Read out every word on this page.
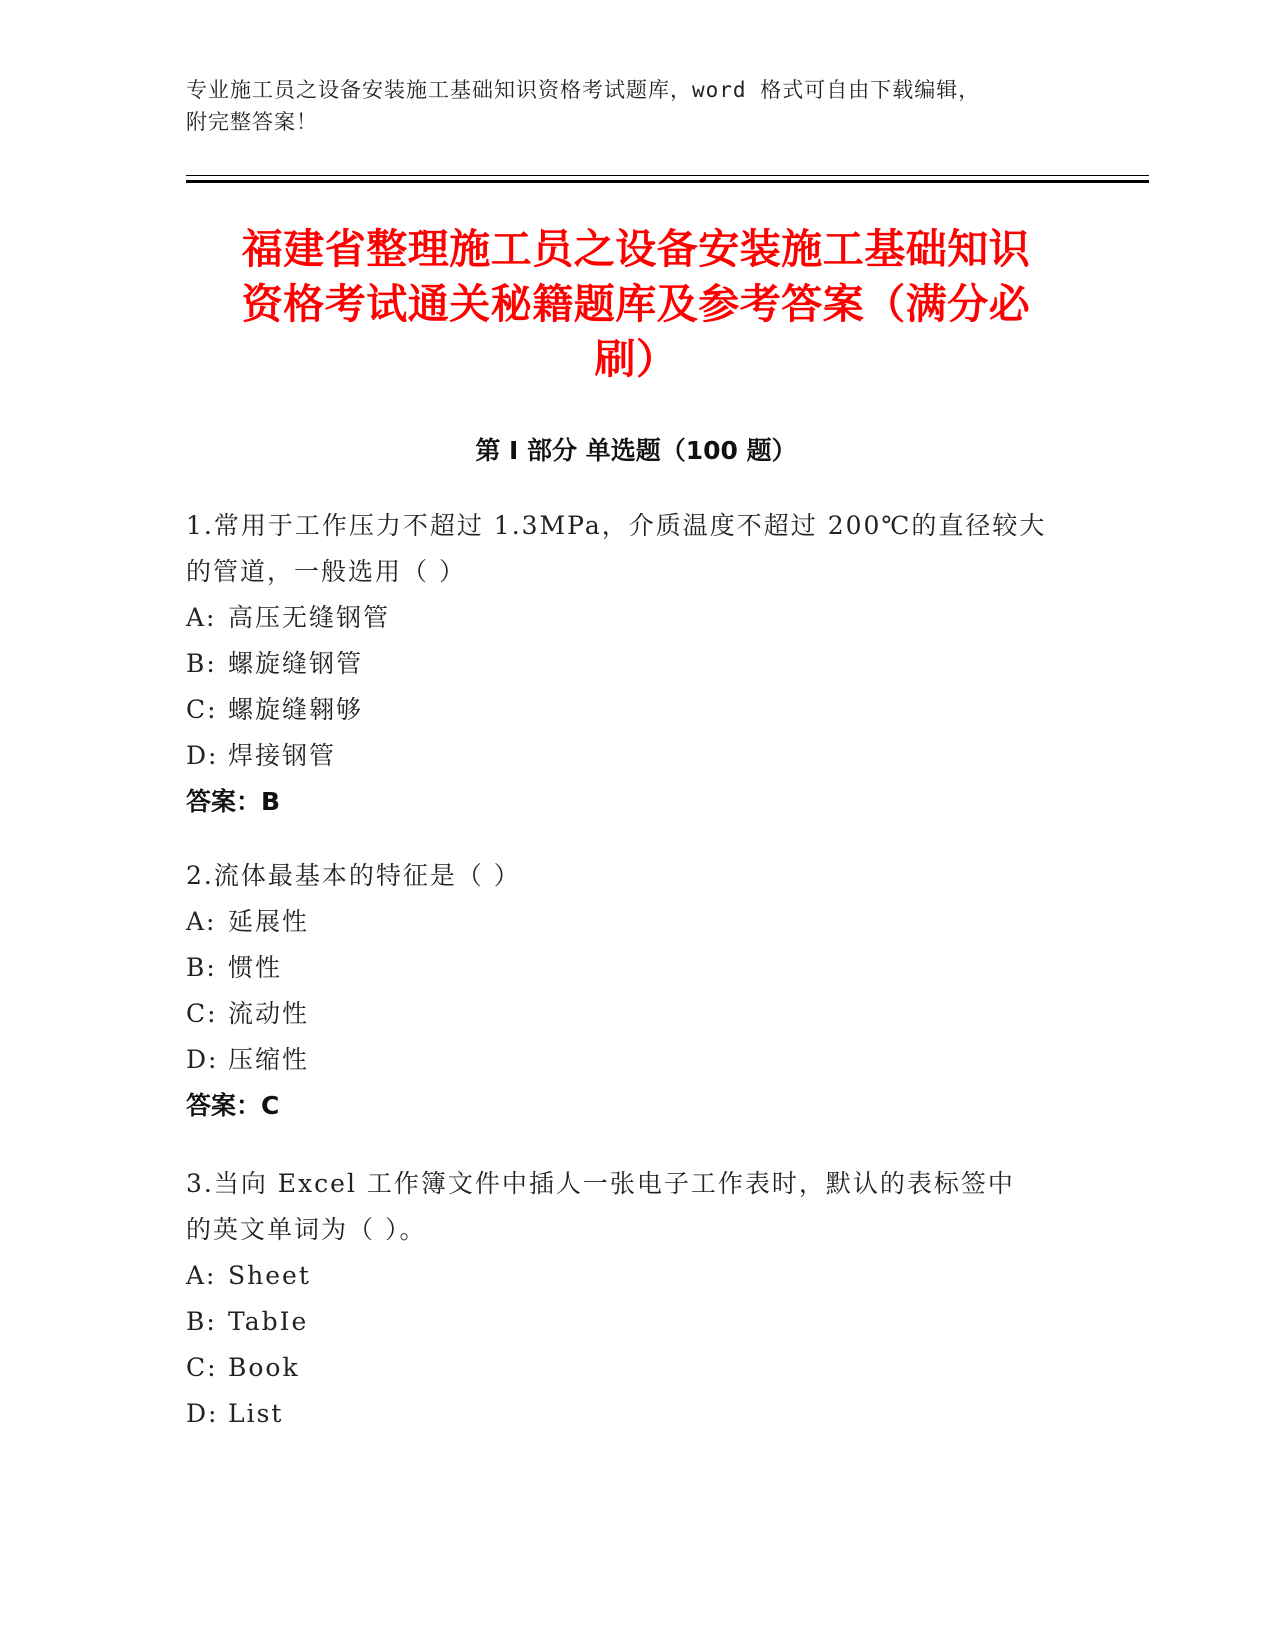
专业施工员之设备安装施工基础知识资格考试题库，word 格式可自由下载编辑，
附完整答案！
福建省整理施工员之设备安装施工基础知识
资格考试通关秘籍题库及参考答案（满分必
刷）
第 I 部分 单选题（100 题）

1.常用于工作压力不超过 1.3MPa，介质温度不超过 200℃的直径较大

的管道，一般选用（ ）

A: 高压无缝钢管

B: 螺旋缝钢管

C: 螺旋缝翱够

D: 焊接钢管

答案：B

2.流体最基本的特征是（ ）

A: 延展性

B: 惯性

C: 流动性

D: 压缩性

答案：C

3.当向 Excel 工作簿文件中插人一张电子工作表时，默认的表标签中

的英文单词为（ ）。

A: Sheet

B: TabIe

C: Book

D: List
